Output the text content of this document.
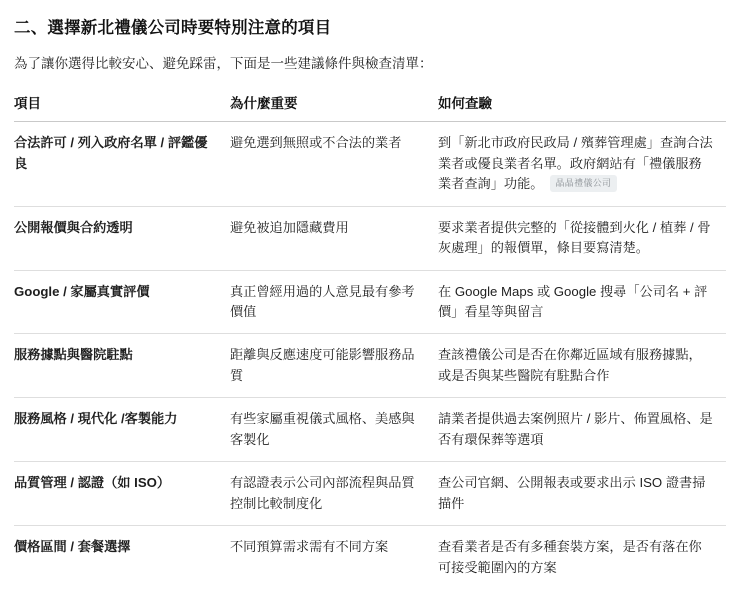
二、選擇新北禮儀公司時要特別注意的項目

為了讓你選得比較安心、避免踩雷，下面是一些建議條件與檢查清單：

項目	為什麼重要	如何查驗
合法許可 / 列入政府名單 / 評鑑優良	避免選到無照或不合法的業者	到「新北市政府民政局 / 殯葬管理處」查詢合法業者或優良業者名單。政府網站有「禮儀服務業者查詢」功能。 晶晶禮儀公司
公開報價與合約透明	避免被追加隱藏費用	要求業者提供完整的「從接體到火化 / 植葬 / 骨灰處理」的報價單，條目要寫清楚。
Google / 家屬真實評價	真正曾經用過的人意見最有參考價值	在 Google Maps 或 Google 搜尋「公司名 + 評價」看星等與留言
服務據點與醫院駐點	距離與反應速度可能影響服務品質	查該禮儀公司是否在你鄰近區域有服務據點，或是否與某些醫院有駐點合作
服務風格 / 現代化 /客製能力	有些家屬重視儀式風格、美感與客製化	請業者提供過去案例照片 / 影片、佈置風格、是否有環保葬等選項
品質管理 / 認證（如 ISO）	有認證表示公司內部流程與品質控制比較制度化	查公司官網、公開報表或要求出示 ISO 證書掃描件
價格區間 / 套餐選擇	不同預算需求需有不同方案	查看業者是否有多種套裝方案，是否有落在你可接受範圍內的方案
